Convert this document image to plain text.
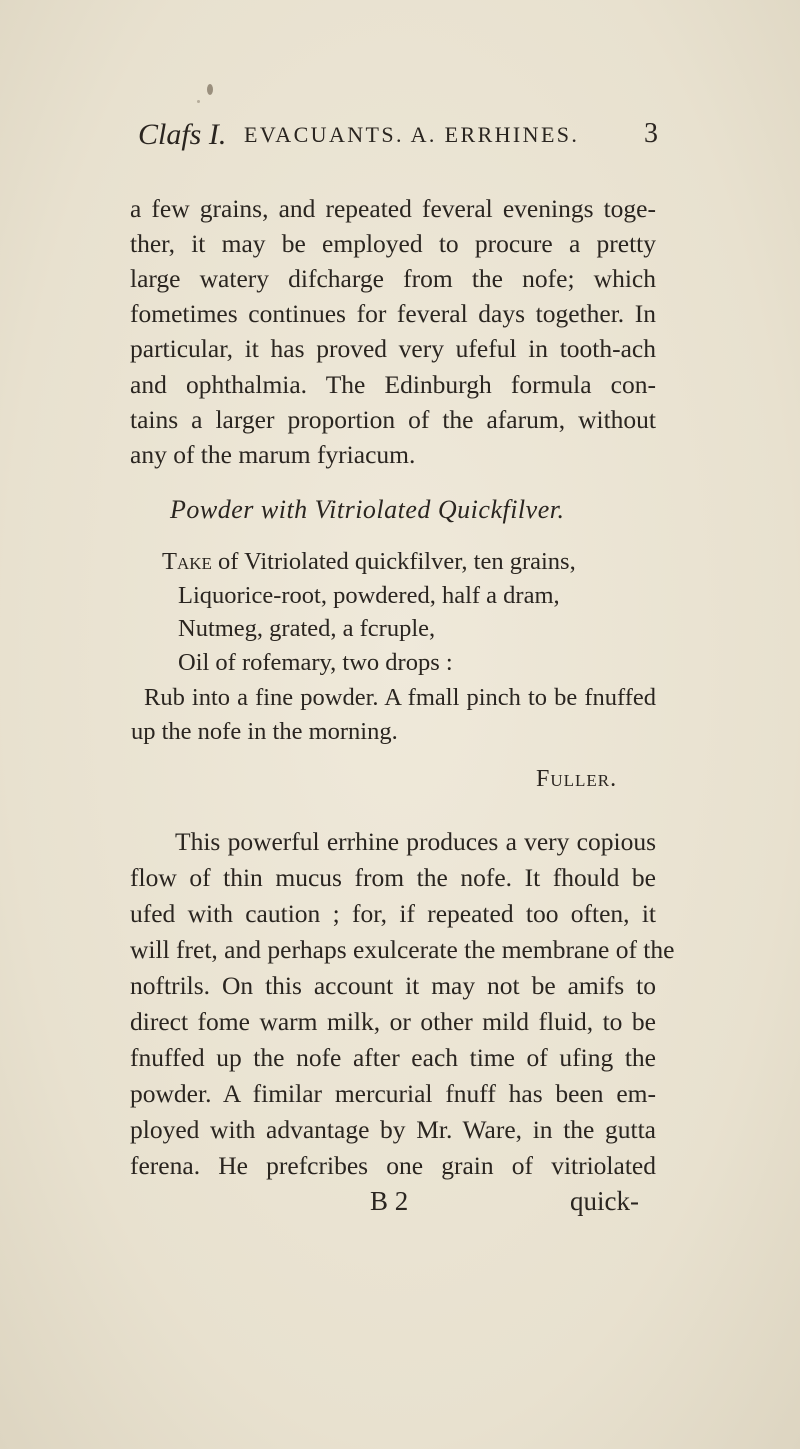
Clafs I. EVACUANTS. A. ERRHINES. 3
a few grains, and repeated feveral evenings toge-
ther, it may be employed to procure a pretty
large watery difcharge from the nofe; which
fometimes continues for feveral days together. In
particular, it has proved very ufeful in tooth-ach
and ophthalmia. The Edinburgh formula con-
tains a larger proportion of the afarum, without
any of the marum fyriacum.
Powder with Vitriolated Quickfilver.
Take of Vitriolated quickfilver, ten grains,
Liquorice-root, powdered, half a dram,
Nutmeg, grated, a fcruple,
Oil of rofemary, two drops :
Rub into a fine powder. A fmall pinch to be fnuffed
up the nofe in the morning.
Fuller.
This powerful errhine produces a very copious
flow of thin mucus from the nofe. It fhould be
ufed with caution ; for, if repeated too often, it
will fret, and perhaps exulcerate the membrane of the
noftrils. On this account it may not be amifs to
direct fome warm milk, or other mild fluid, to be
fnuffed up the nofe after each time of ufing the
powder. A fimilar mercurial fnuff has been em-
ployed with advantage by Mr. Ware, in the gutta
ferena. He prefcribes one grain of vitriolated
B 2	quick-
